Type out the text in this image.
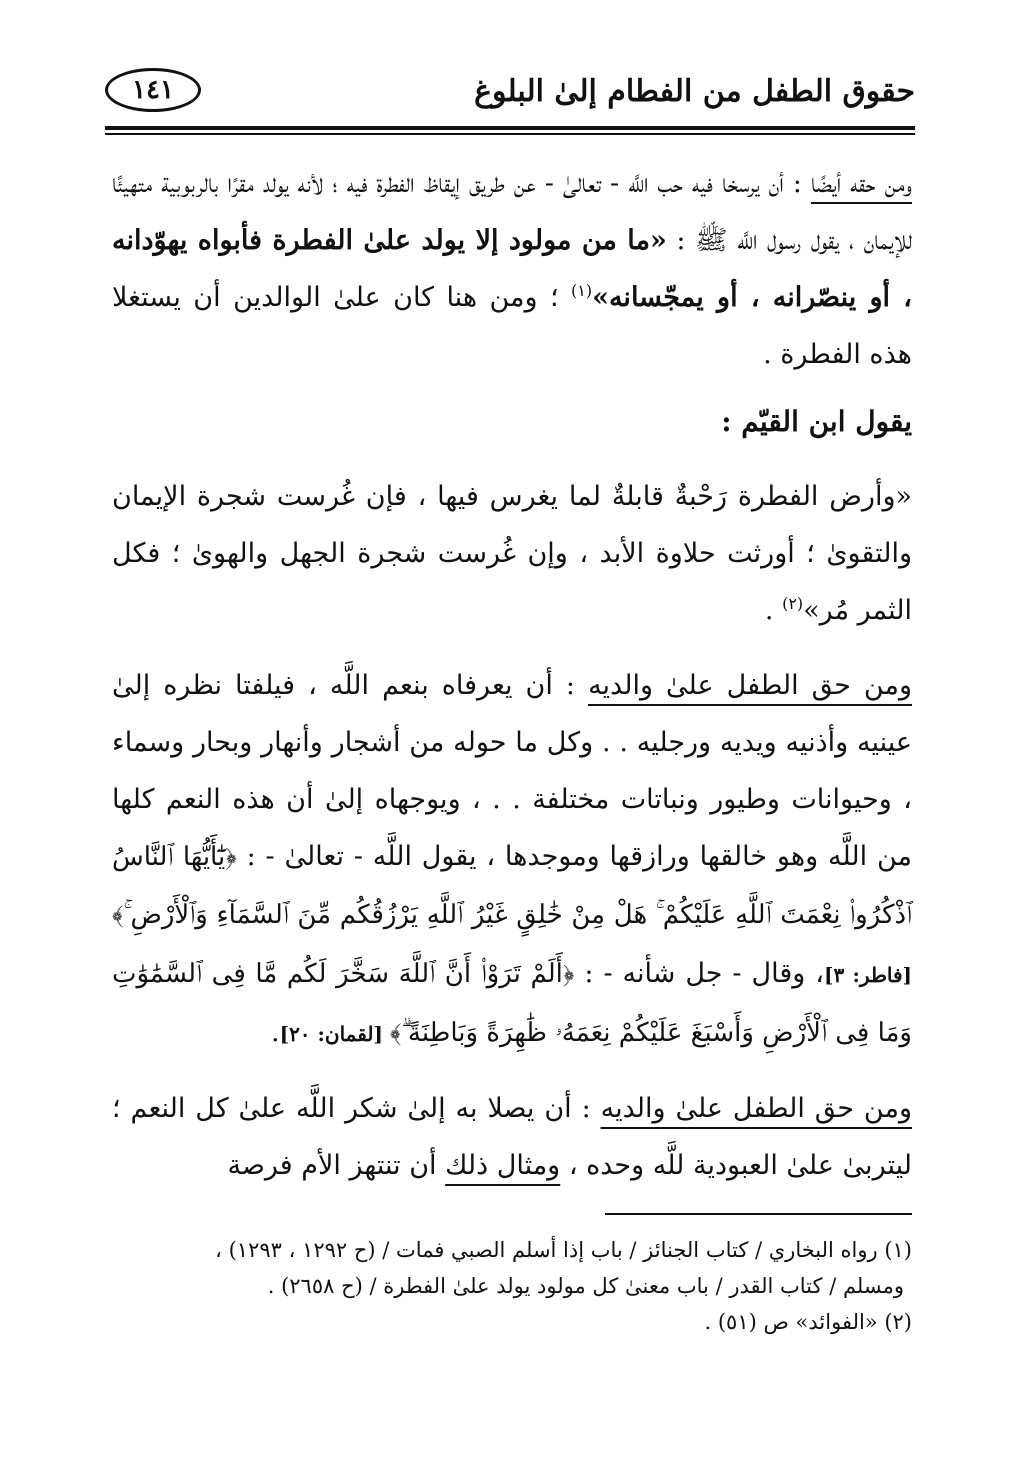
حقوق الطفل من الفطام إلىٰ البلوغ
١٤١

ومن حقه أيضًا : أن يرسخا فيه حب اللَّه - تعالىٰ - عن طريق إيقاظ الفطرة فيه ؛ لأنه يولد مقرًا بالربوبية متهيئًا للإيمان ، يقول رسول اللَّه ﷺ : «ما من مولود إلا يولد علىٰ الفطرة فأبواه يهوّدانه ، أو ينصّرانه ، أو يمجّسانه»$^{(١)}$ ؛ ومن هنا كان علىٰ الوالدين أن يستغلا هذه الفطرة .

يقول ابن القيّم :

«وأرض الفطرة رَحْبةٌ قابلةٌ لما يغرس فيها ، فإن غُرست شجرة الإيمان والتقوىٰ ؛ أورثت حلاوة الأبد ، وإن غُرست شجرة الجهل والهوىٰ ؛ فكل الثمر مُر»$^{(٢)}$ .

ومن حق الطفل علىٰ والديه : أن يعرفاه بنعم اللَّه ، فيلفتا نظره إلىٰ عينيه وأذنيه ويديه ورجليه . . وكل ما حوله من أشجار وأنهار وبحار وسماء ، وحيوانات وطيور ونباتات مختلفة . . ، ويوجهاه إلىٰ أن هذه النعم كلها من اللَّه وهو خالقها ورازقها وموجدها ، يقول اللَّه - تعالىٰ - : ﴿يَٰٓأَيُّهَا ٱلنَّاسُ ٱذْكُرُوا۟ نِعْمَتَ ٱللَّهِ عَلَيْكُمْ ۚ هَلْ مِنْ خَٰلِقٍ غَيْرُ ٱللَّهِ يَرْزُقُكُم مِّنَ ٱلسَّمَآءِ وَٱلْأَرْضِ ۚ﴾ [فاطر: ٣]، وقال - جل شأنه - : ﴿أَلَمْ تَرَوْا۟ أَنَّ ٱللَّهَ سَخَّرَ لَكُم مَّا فِى ٱلسَّمَٰوَٰتِ وَمَا فِى ٱلْأَرْضِ وَأَسْبَغَ عَلَيْكُمْ نِعَمَهُۥ ظَٰهِرَةً وَبَاطِنَةً ۗ﴾ [لقمان: ٢٠].

ومن حق الطفل علىٰ والديه : أن يصلا به إلىٰ شكر اللَّه علىٰ كل النعم ؛ ليتربىٰ علىٰ العبودية للَّه وحده ، ومثال ذلك أن تنتهز الأم فرصة

(١) رواه البخاري / كتاب الجنائز / باب إذا أسلم الصبي فمات / (ح ١٢٩٢ ، ١٢٩٣) ،

ومسلم / كتاب القدر / باب معنىٰ كل مولود يولد علىٰ الفطرة / (ح ٢٦٥٨) .

(٢) «الفوائد» ص (٥١) .
